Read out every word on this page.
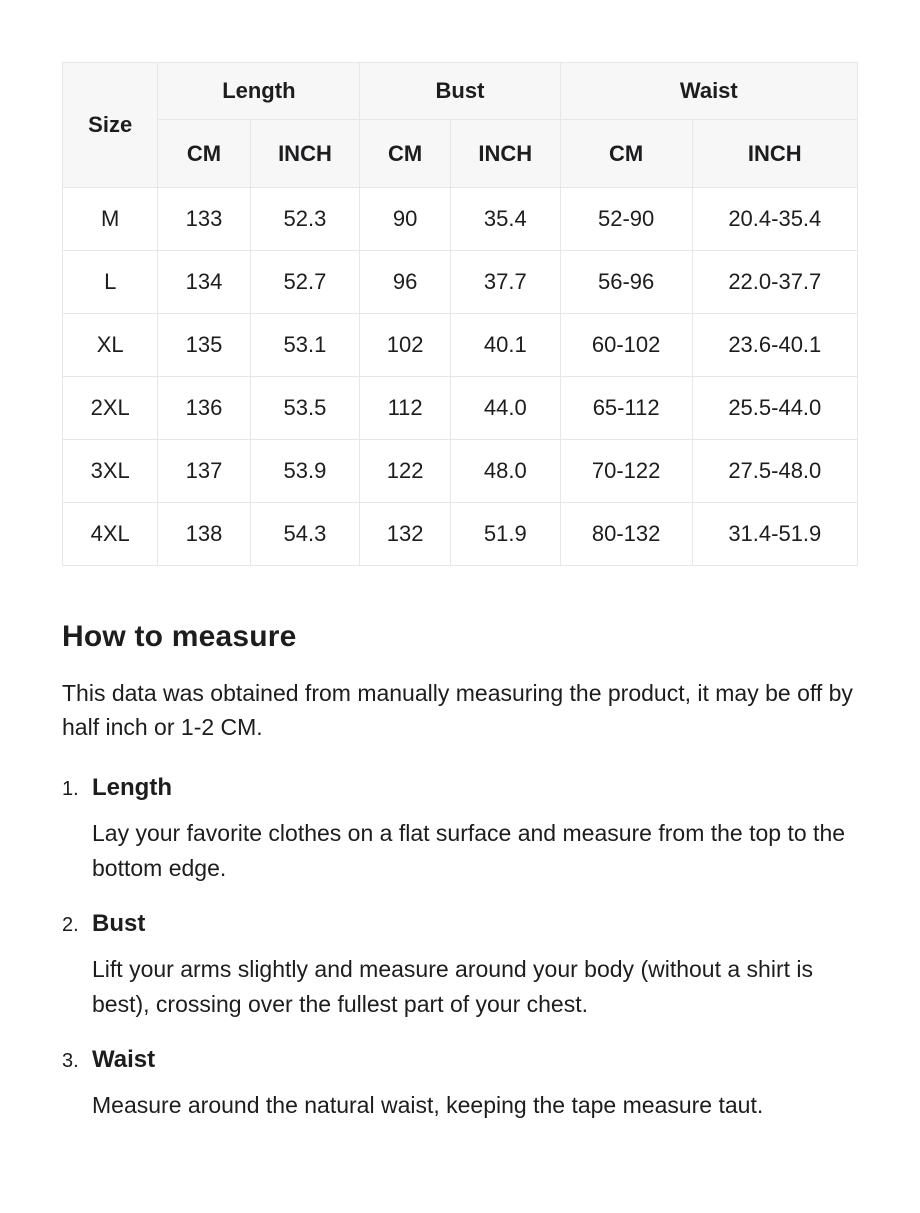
Size	Length		Bust		Waist	
	CM	INCH	CM	INCH	CM	INCH
M	133	52.3	90	35.4	52-90	20.4-35.4
L	134	52.7	96	37.7	56-96	22.0-37.7
XL	135	53.1	102	40.1	60-102	23.6-40.1
2XL	136	53.5	112	44.0	65-112	25.5-44.0
3XL	137	53.9	122	48.0	70-122	27.5-48.0
4XL	138	54.3	132	51.9	80-132	31.4-51.9
How to measure

This data was obtained from manually measuring the product, it may be off by half inch or 1-2 CM.

1. Length

Lay your favorite clothes on a flat surface and measure from the top to the bottom edge.

2. Bust

Lift your arms slightly and measure around your body (without a shirt is best), crossing over the fullest part of your chest.

3. Waist

Measure around the natural waist, keeping the tape measure taut.
